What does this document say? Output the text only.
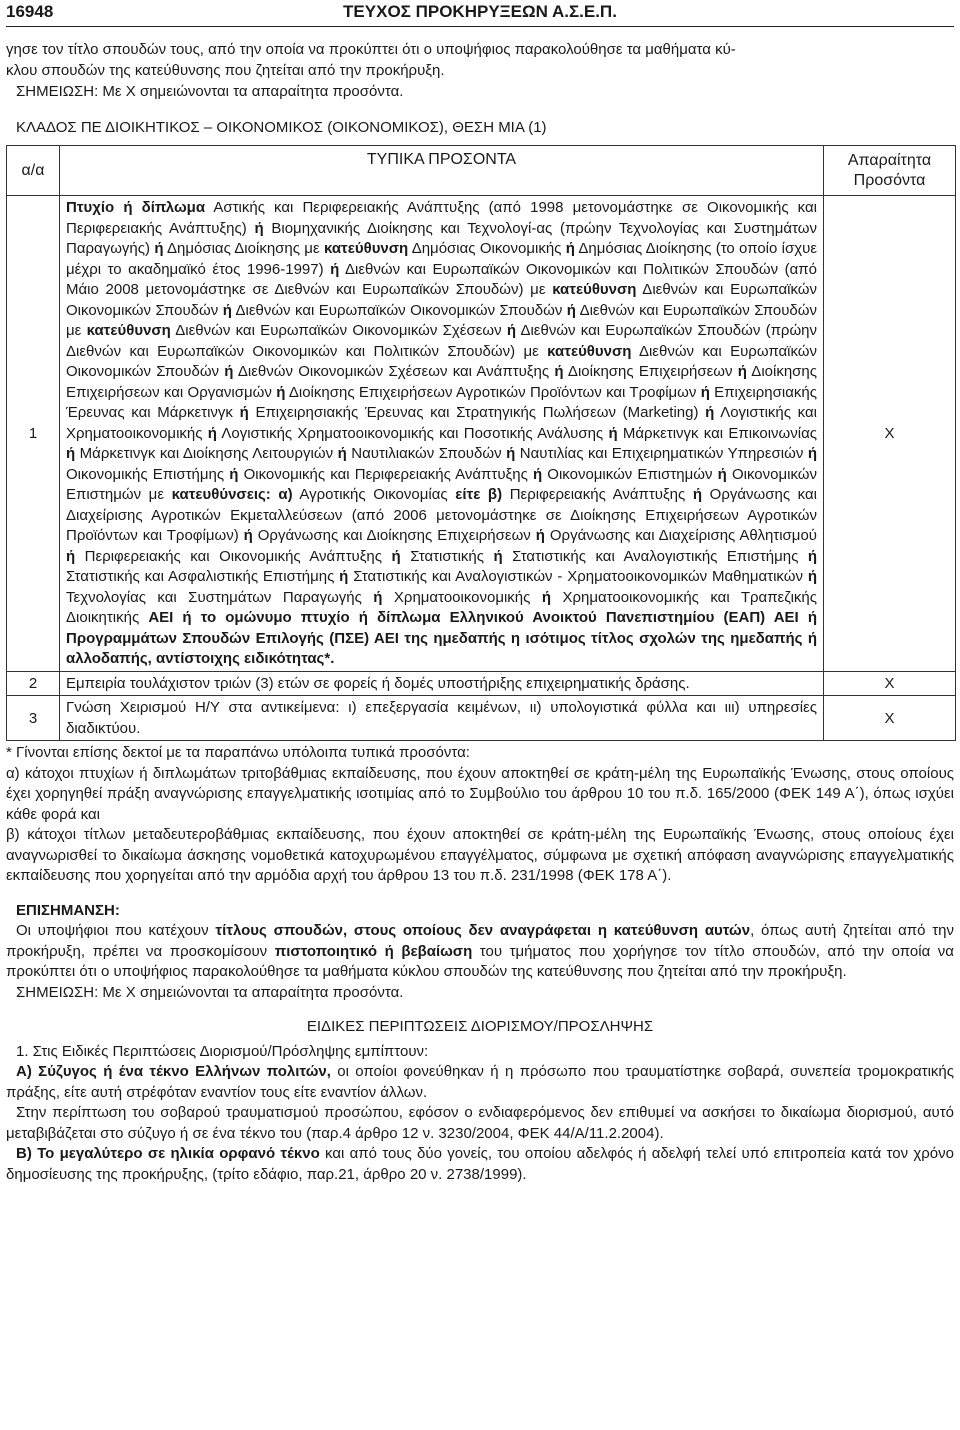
16948	ΤΕΥΧΟΣ ΠΡΟΚΗΡΥΞΕΩΝ Α.Σ.Ε.Π.

γησε τον τίτλο σπουδών τους, από την οποία να προκύπτει ότι ο υποψήφιος παρακολούθησε τα μαθήματα κύ-

κλου σπουδών της κατεύθυνσης που ζητείται από την προκήρυξη.

ΣΗΜΕΙΩΣΗ: Με Χ σημειώνονται τα απαραίτητα προσόντα.

ΚΛΑΔΟΣ ΠΕ ΔΙΟΙΚΗΤΙΚΟΣ – ΟΙΚΟΝΟΜΙΚΟΣ (ΟΙΚΟΝΟΜΙΚΟΣ), ΘΕΣΗ ΜΙΑ (1)
α/α	ΤΥΠΙΚΑ ΠΡΟΣΟΝΤΑ	Απαραίτητα
Προσόντα

1	Πτυχίο ή δίπλωμα Αστικής και Περιφερειακής Ανάπτυξης (από 1998 μετονομάστηκε σε Οικονομικής και Περιφερειακής Ανάπτυξης) ή Βιομηχανικής Διοίκησης και Τεχνολογί-ας (πρώην Τεχνολογίας και Συστημάτων Παραγωγής) ή Δημόσιας Διοίκησης με κατεύθυνση Δημόσιας Οικονομικής ή Δημόσιας Διοίκησης (το οποίο ίσχυε μέχρι το ακαδημαϊκό έτος 1996-1997) ή Διεθνών και Ευρωπαϊκών Οικονομικών και Πολιτικών Σπουδών (από Μάιο 2008 μετονομάστηκε σε Διεθνών και Ευρωπαϊκών Σπουδών) με κατεύθυνση Διεθνών και Ευρωπαϊκών Οικονομικών Σπουδών ή Διεθνών και Ευρωπαϊκών Οικονομικών Σπουδών ή Διεθνών και Ευρωπαϊκών Σπουδών με κατεύθυνση Διεθνών και Ευρωπαϊκών Οικονομικών Σχέσεων ή Διεθνών και Ευρωπαϊκών Σπουδών (πρώην Διεθνών και Ευρωπαϊκών Οικονομικών και Πολιτικών Σπουδών) με κατεύθυνση Διεθνών και Ευρωπαϊκών Οικονομικών Σπουδών ή Διεθνών Οικονομικών Σχέσεων και Ανάπτυξης ή Διοίκησης Επιχειρήσεων ή Διοίκησης Επιχειρήσεων και Οργανισμών ή Διοίκησης Επιχειρήσεων Αγροτικών Προϊόντων και Τροφίμων ή Επιχειρησιακής Έρευνας και Μάρκετινγκ ή Επιχειρησιακής Έρευνας και Στρατηγικής Πωλήσεων (Marketing) ή Λογιστικής και Χρηματοοικονομικής ή Λογιστικής Χρηματοοικονομικής και Ποσοτικής Ανάλυσης ή Μάρκετινγκ και Επικοινωνίας ή Μάρκετινγκ και Διοίκησης Λειτουργιών ή Ναυτιλιακών Σπουδών ή Ναυτιλίας και Επιχειρηματικών Υπηρεσιών ή Οικονομικής Επιστήμης ή Οικονομικής και Περιφερειακής Ανάπτυξης ή Οικονομικών Επιστημών ή Οικονομικών Επιστημών με κατευθύνσεις: α) Αγροτικής Οικονομίας είτε β) Περιφερειακής Ανάπτυξης ή Οργάνωσης και Διαχείρισης Αγροτικών Εκμεταλλεύσεων (από 2006 μετονομάστηκε σε Διοίκησης Επιχειρήσεων Αγροτικών Προϊόντων και Τροφίμων) ή Οργάνωσης και Διοίκησης Επιχειρήσεων ή Οργάνωσης και Διαχείρισης Αθλητισμού ή Περιφερειακής και Οικονομικής Ανάπτυξης ή Στατιστικής ή Στατιστικής και Αναλογιστικής Επιστήμης ή Στατιστικής και Ασφαλιστικής Επιστήμης ή Στατιστικής και Αναλογιστικών - Χρηματοοικονομικών Μαθηματικών ή Τεχνολογίας και Συστημάτων Παραγωγής ή Χρηματοοικονομικής ή Χρηματοοικονομικής και Τραπεζικής Διοικητικής ΑΕΙ ή το ομώνυμο πτυχίο ή δίπλωμα Ελληνικού Ανοικτού Πανεπιστημίου (ΕΑΠ) ΑΕΙ ή Προγραμμάτων Σπουδών Επιλογής (ΠΣΕ) ΑΕΙ της ημεδαπής η ισότιμος τίτλος σχολών της ημεδαπής ή αλλοδαπής, αντίστοιχης ειδικότητας*.	Χ
2	Εμπειρία τουλάχιστον τριών (3) ετών σε φορείς ή δομές υποστήριξης επιχειρηματικής δράσης.	Χ
3	Γνώση Χειρισμού Η/Υ στα αντικείμενα: ι) επεξεργασία κειμένων, ιι) υπολογιστικά φύλλα και ιιι) υπηρεσίες διαδικτύου.	Χ

* Γίνονται επίσης δεκτοί με τα παραπάνω υπόλοιπα τυπικά προσόντα:

α) κάτοχοι πτυχίων ή διπλωμάτων τριτοβάθμιας εκπαίδευσης, που έχουν αποκτηθεί σε κράτη-μέλη της Ευρωπαϊκής Ένωσης, στους οποίους έχει χορηγηθεί πράξη αναγνώρισης επαγγελματικής ισοτιμίας από το Συμβούλιο του άρθρου 10 του π.δ. 165/2000 (ΦΕΚ 149 Α΄), όπως ισχύει κάθε φορά και

β) κάτοχοι τίτλων μεταδευτεροβάθμιας εκπαίδευσης, που έχουν αποκτηθεί σε κράτη-μέλη της Ευρωπαϊκής Ένωσης, στους οποίους έχει αναγνωρισθεί το δικαίωμα άσκησης νομοθετικά κατοχυρωμένου επαγγέλματος, σύμφωνα με σχετική απόφαση αναγνώρισης επαγγελματικής εκπαίδευσης που χορηγείται από την αρμόδια αρχή του άρθρου 13 του π.δ. 231/1998 (ΦΕΚ 178 Α΄).

ΕΠΙΣΗΜΑΝΣΗ:

Οι υποψήφιοι που κατέχουν τίτλους σπουδών, στους οποίους δεν αναγράφεται η κατεύθυνση αυτών, όπως αυτή ζητείται από την προκήρυξη, πρέπει να προσκομίσουν πιστοποιητικό ή βεβαίωση του τμήματος που χορήγησε τον τίτλο σπουδών, από την οποία να προκύπτει ότι ο υποψήφιος παρακολούθησε τα μαθήματα κύκλου σπουδών της κατεύθυνσης που ζητείται από την προκήρυξη.

ΣΗΜΕΙΩΣΗ: Με Χ σημειώνονται τα απαραίτητα προσόντα.

ΕΙΔΙΚΕΣ ΠΕΡΙΠΤΩΣΕΙΣ ΔΙΟΡΙΣΜΟΥ/ΠΡΟΣΛΗΨΗΣ

1. Στις Ειδικές Περιπτώσεις Διορισμού/Πρόσληψης εμπίπτουν:

Α) Σύζυγος ή ένα τέκνο Ελλήνων πολιτών, οι οποίοι φονεύθηκαν ή η πρόσωπο που τραυματίστηκε σοβαρά, συνεπεία τρομοκρατικής πράξης, είτε αυτή στρέφόταν εναντίον τους είτε εναντίον άλλων.

Στην περίπτωση του σοβαρού τραυματισμού προσώπου, εφόσον ο ενδιαφερόμενος δεν επιθυμεί να ασκήσει το δικαίωμα διορισμού, αυτό μεταβιβάζεται στο σύζυγο ή σε ένα τέκνο του (παρ.4 άρθρο 12 ν. 3230/2004, ΦΕΚ 44/Α/11.2.2004).

Β) Το μεγαλύτερο σε ηλικία ορφανό τέκνο και από τους δύο γονείς, του οποίου αδελφός ή αδελφή τελεί υπό επιτροπεία κατά τον χρόνο δημοσίευσης της προκήρυξης, (τρίτο εδάφιο, παρ.21, άρθρο 20 ν. 2738/1999).
